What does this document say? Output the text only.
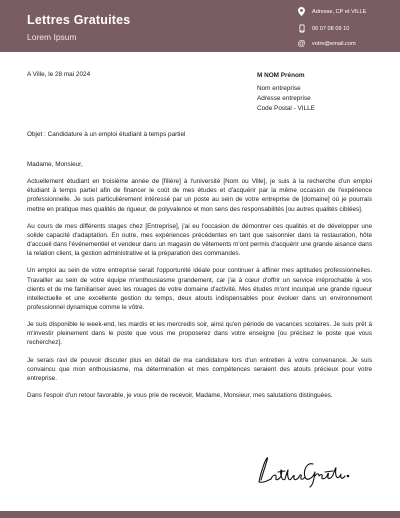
Lettres Gratuites
Lorem Ipsum
Adresse, CP et VILLE
06 07 08 09 10
@ votre@email.com
A Ville, le 28 mai 2024	M NOM Prénom
Nom entreprise
Adresse entreprise
Code Postal - VILLE
Objet : Candidature à un emploi étudiant à temps partiel

Madame, Monsieur,

Actuellement étudiant en troisième année de [filière] à l'université [Nom ou Ville], je suis à la recherche d'un emploi étudiant à temps partiel afin de financer le coût de mes études et d'acquérir par la même occasion de l'expérience professionnelle. Je suis particulièrement intéressé par un poste au sein de votre entreprise de [domaine] où je pourrais mettre en pratique mes qualités de rigueur, de polyvalence et mon sens des responsabilités [ou autres qualités ciblées].

Au cours de mes différents stages chez [Entreprise], j'ai eu l'occasion de démontrer ces qualités et de développer une solide capacité d'adaptation. En outre, mes expériences précédentes en tant que saisonnier dans la restauration, hôte d'accueil dans l'événementiel et vendeur dans un magasin de vêtements m'ont permis d'acquérir une grande aisance dans la relation client, la gestion administrative et la préparation des commandes.

Un emploi au sein de votre entreprise serait l'opportunité idéale pour continuer à affiner mes aptitudes professionnelles. Travailler au sein de votre équipe m'enthousiasme grandement, car j'ai à cœur d'offrir un service irréprochable à vos clients et de me familiariser avec les rouages de votre domaine d'activité. Mes études m'ont inculqué une grande rigueur intellectuelle et une excellente gestion du temps, deux atouts indispensables pour évoluer dans un environnement professionnel dynamique comme le vôtre.

Je suis disponible le week-end, les mardis et les mercredis soir, ainsi qu'en période de vacances scolaires. Je suis prêt à m'investir pleinement dans le poste que vous me proposerez dans votre enseigne [ou précisez le poste que vous recherchez].

Je serais ravi de pouvoir discuter plus en détail de ma candidature lors d'un entretien à votre convenance. Je suis convaincu que mon enthousiasme, ma détermination et mes compétences seraient des atouts précieux pour votre entreprise.

Dans l'espoir d'un retour favorable, je vous prie de recevoir, Madame, Monsieur, mes salutations distinguées.
